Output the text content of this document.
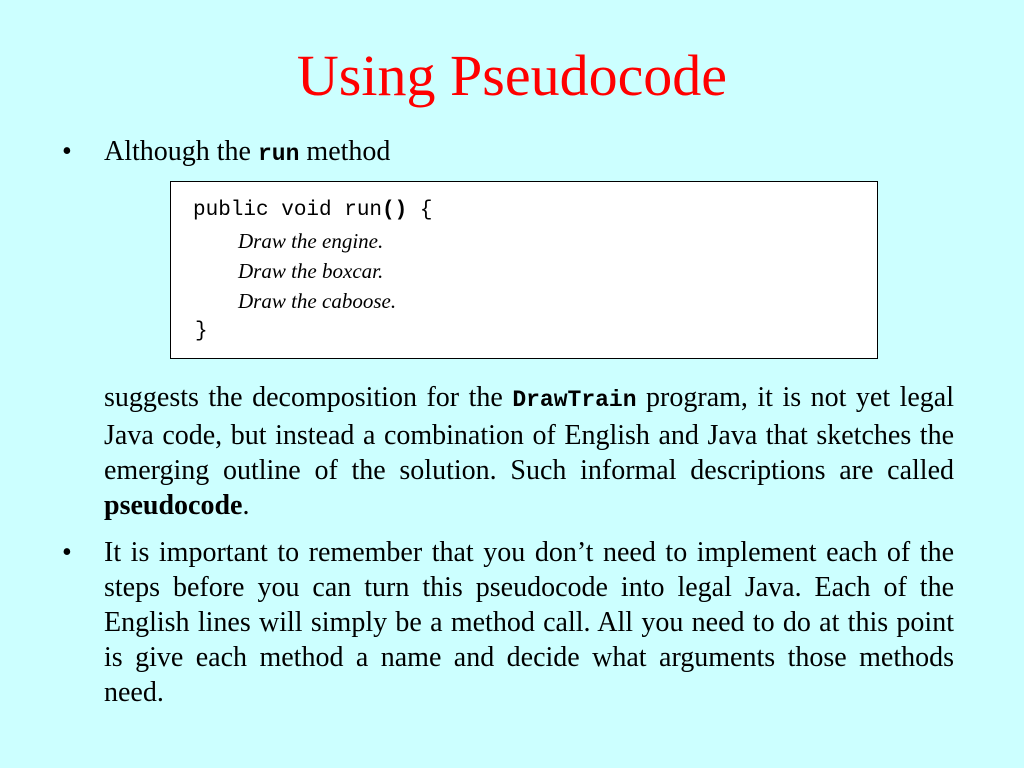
Using Pseudocode
• Although the run method

public void run() {
Draw the engine.
Draw the boxcar.
Draw the caboose.
}

suggests the decomposition for the DrawTrain program, it is not yet legal Java code, but instead a combination of English and Java that sketches the emerging outline of the solution. Such informal descriptions are called pseudocode.

• It is important to remember that you don’t need to implement each of the steps before you can turn this pseudocode into legal Java. Each of the English lines will simply be a method call. All you need to do at this point is give each method a name and decide what arguments those methods need.
